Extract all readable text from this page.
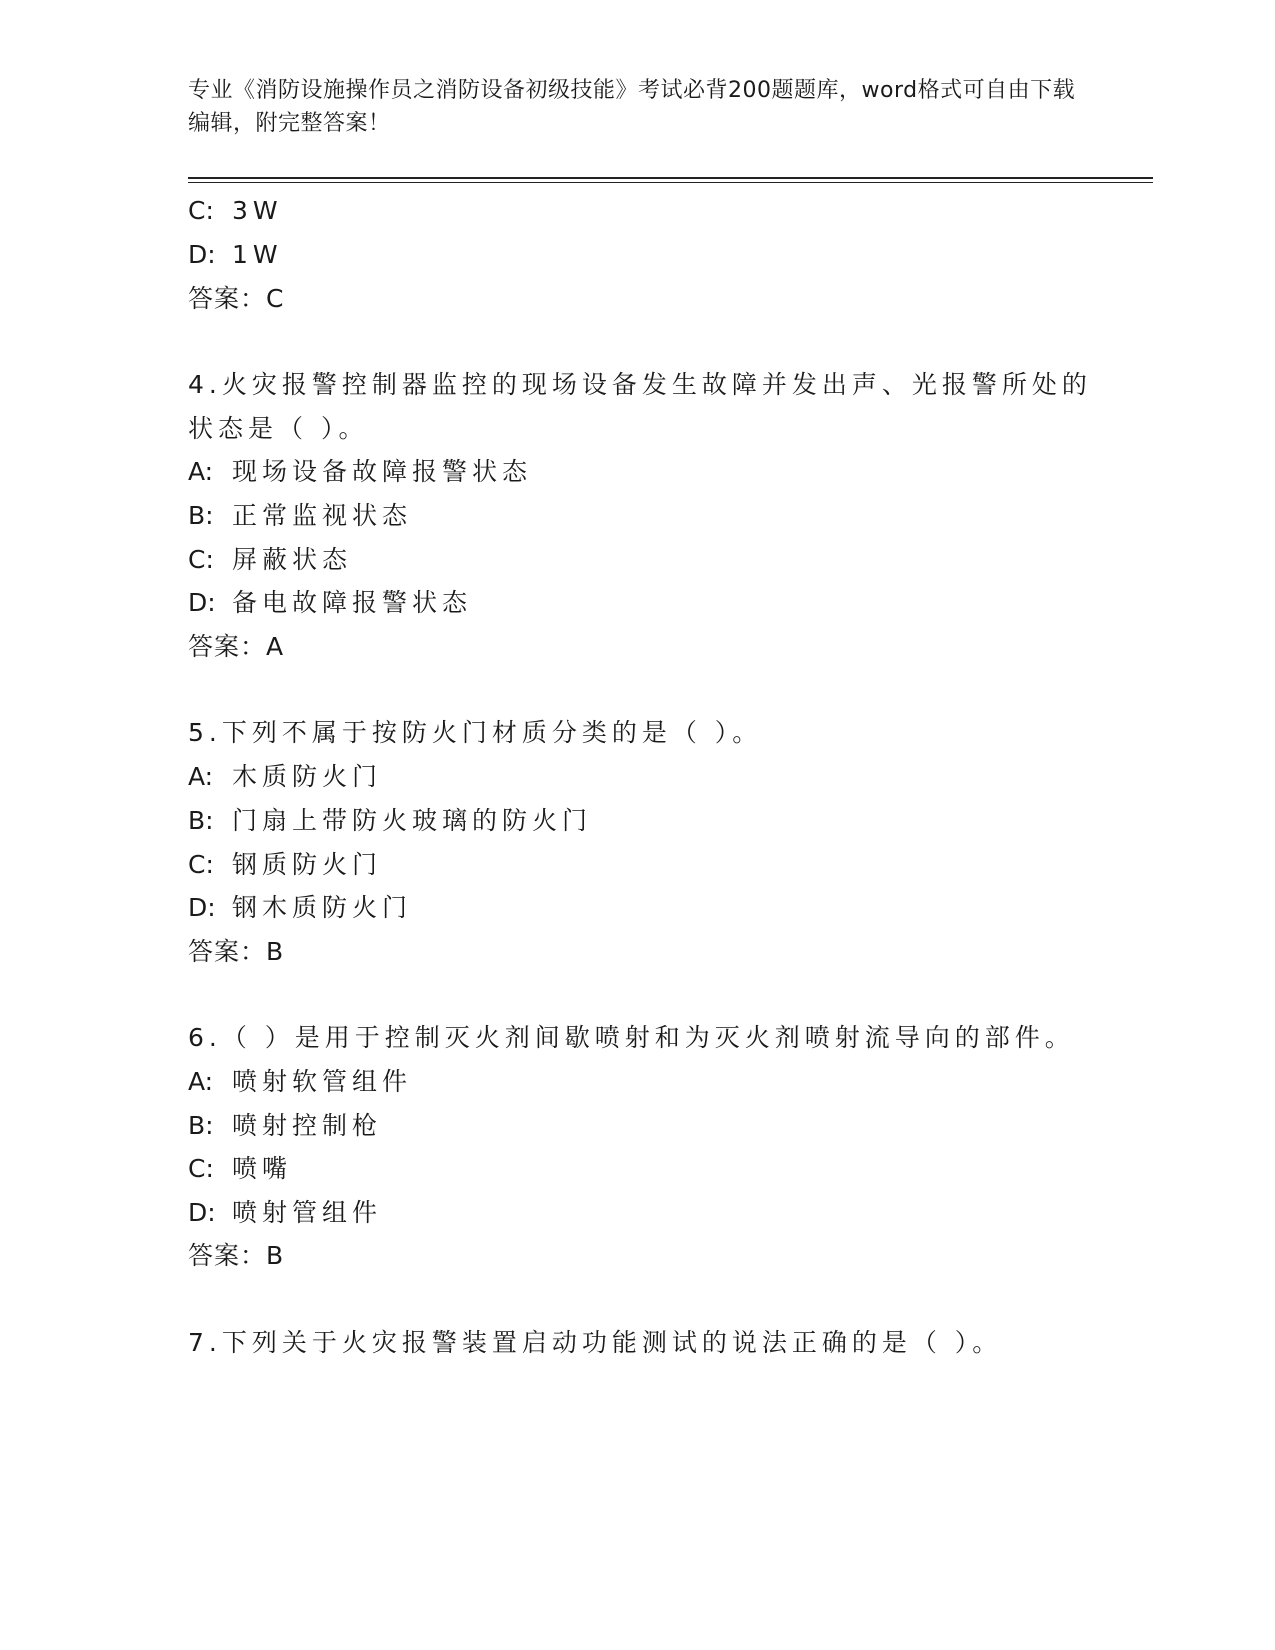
专业《消防设施操作员之消防设备初级技能》考试必背200题题库，word格式可自由下载编辑，附完整答案！
C: 3W
D: 1W
答案：C
4.火灾报警控制器监控的现场设备发生故障并发出声、光报警所处的
状态是（ ）。
A: 现场设备故障报警状态
B: 正常监视状态
C: 屏蔽状态
D: 备电故障报警状态
答案：A
5.下列不属于按防火门材质分类的是（ ）。
A: 木质防火门
B: 门扇上带防火玻璃的防火门
C: 钢质防火门
D: 钢木质防火门
答案：B
6.（ ）是用于控制灭火剂间歇喷射和为灭火剂喷射流导向的部件。
A: 喷射软管组件
B: 喷射控制枪
C: 喷嘴
D: 喷射管组件
答案：B
7.下列关于火灾报警装置启动功能测试的说法正确的是（ ）。
